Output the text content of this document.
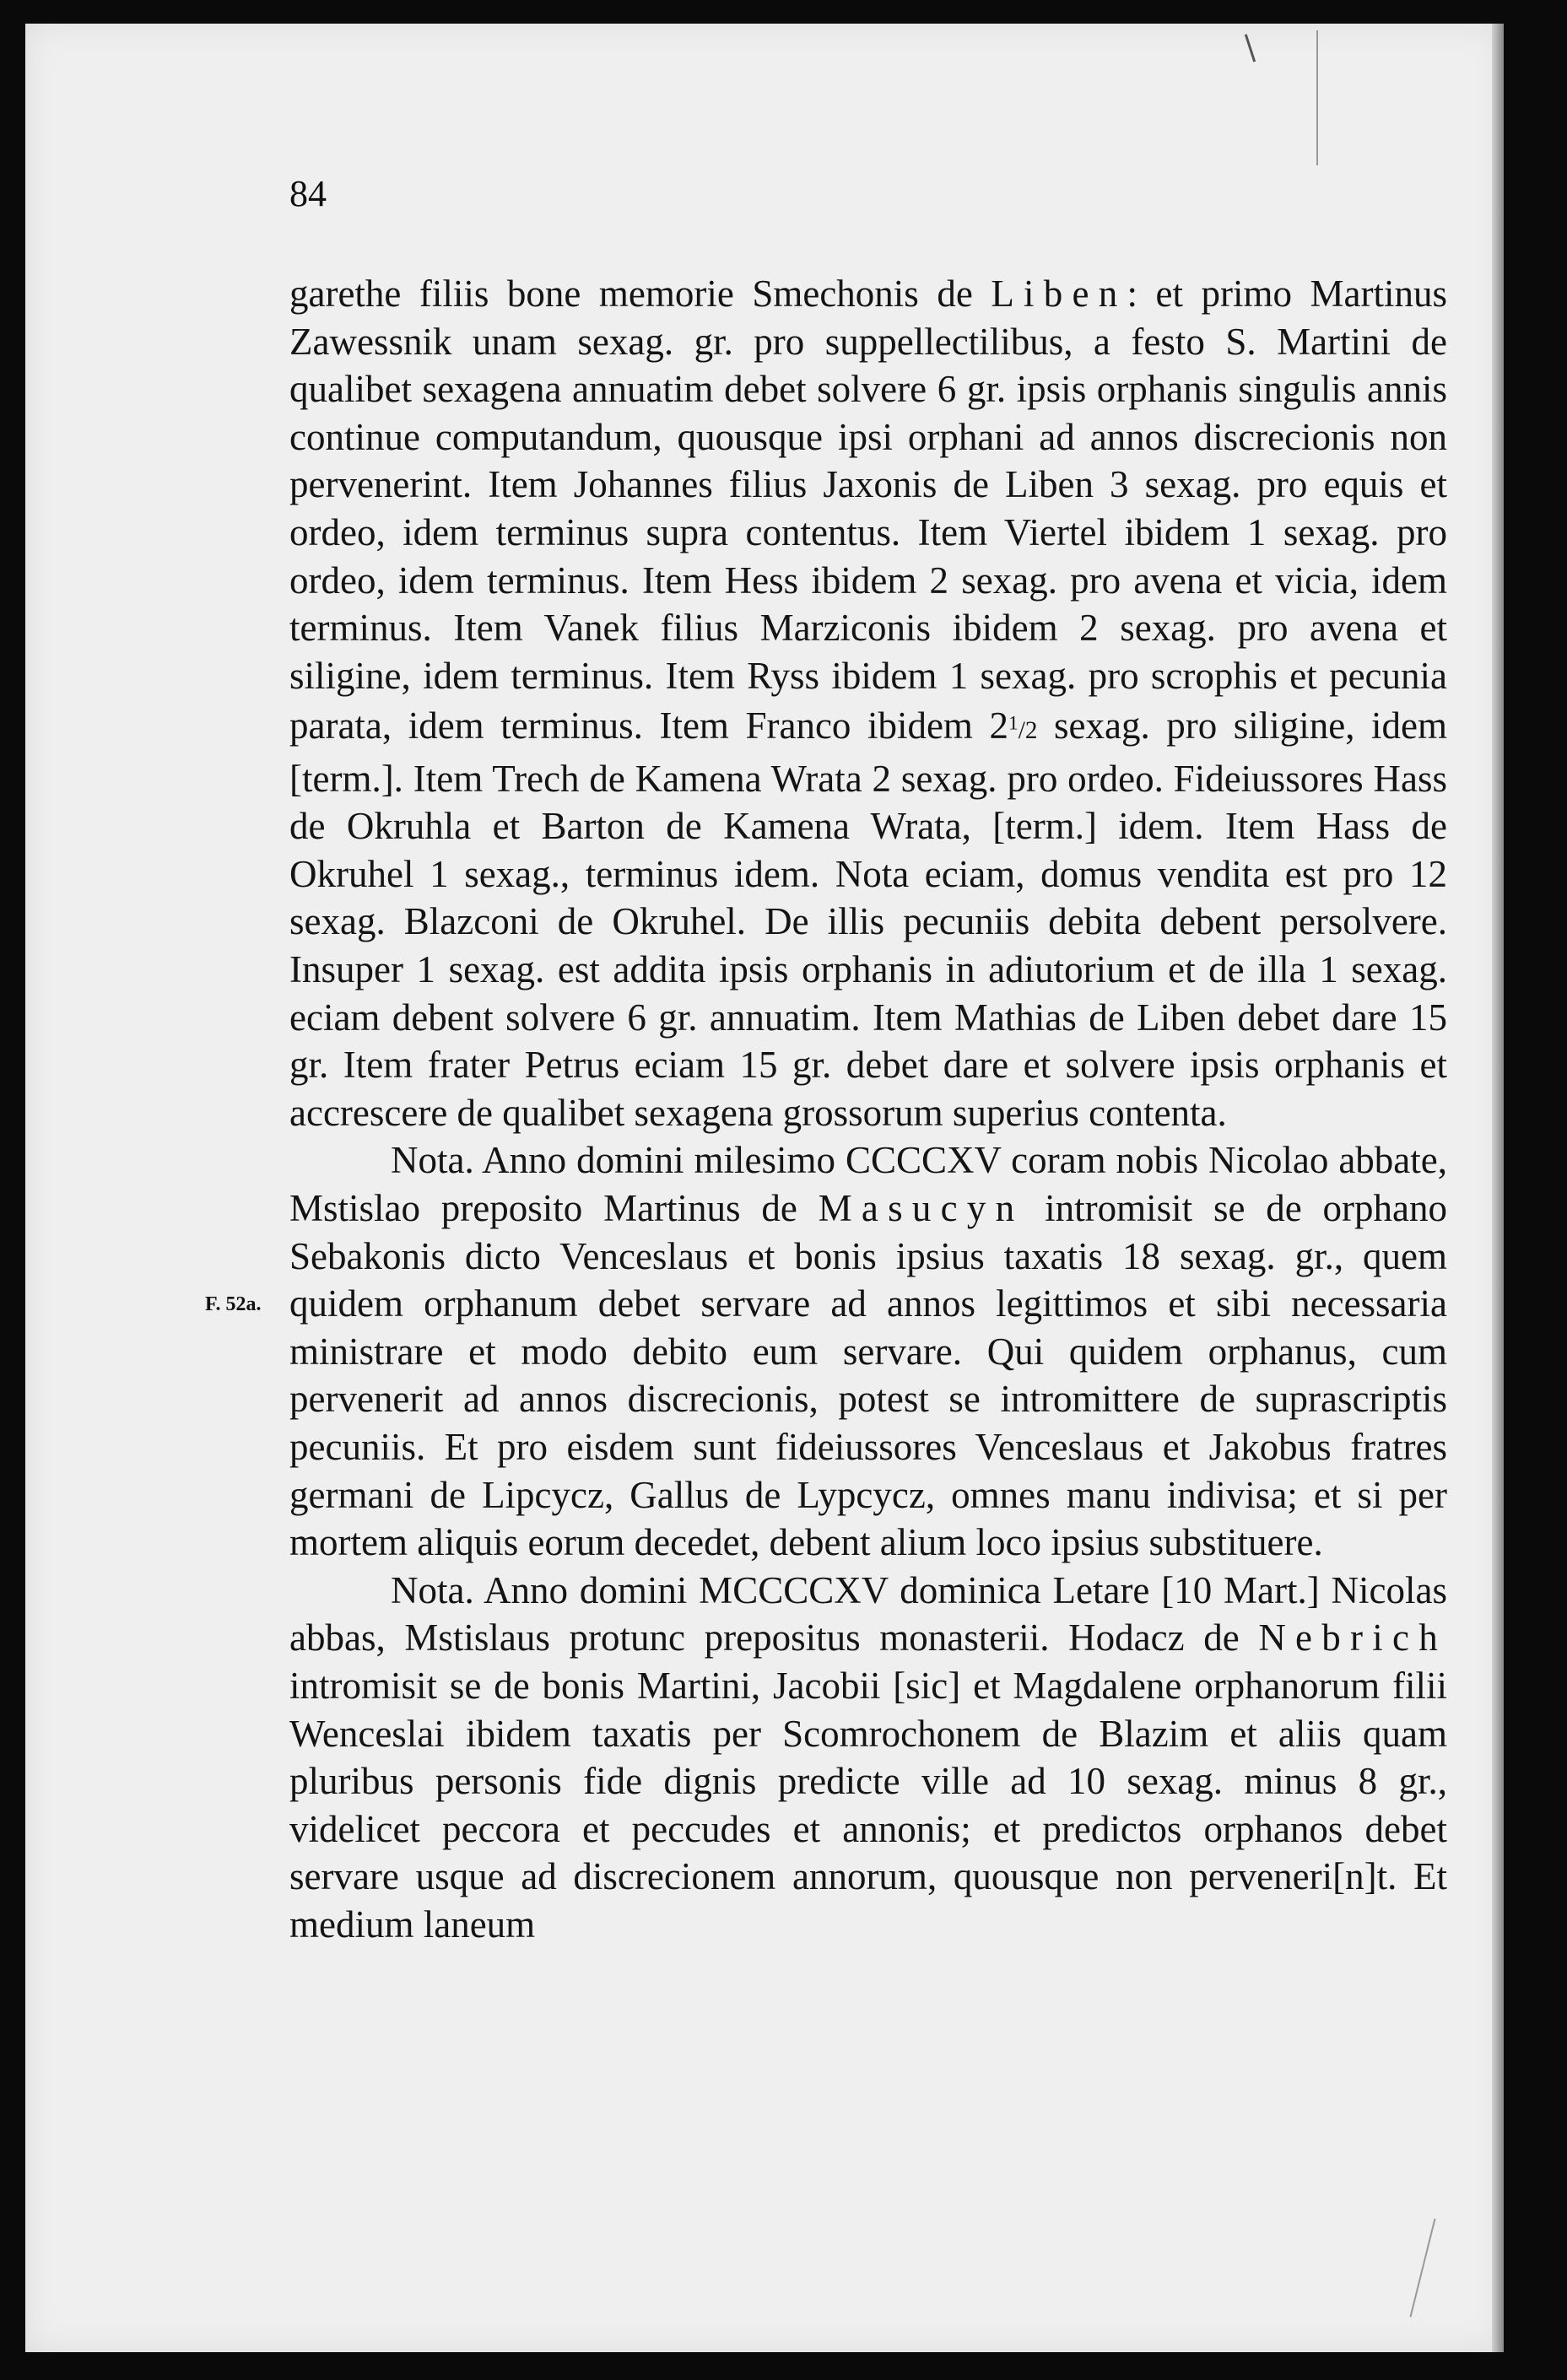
84
F. 52a.

garethe filiis bone memorie Smechonis de Liben: et primo Martinus Zawessnik unam sexag. gr. pro suppellectilibus, a festo S. Martini de qualibet sexagena annuatim debet solvere 6 gr. ipsis orphanis singulis annis continue computandum, quousque ipsi orphani ad annos discrecionis non pervenerint. Item Johannes filius Jaxonis de Liben 3 sexag. pro equis et ordeo, idem terminus supra contentus. Item Viertel ibidem 1 sexag. pro ordeo, idem terminus. Item Hess ibidem 2 sexag. pro avena et vicia, idem terminus. Item Vanek filius Marziconis ibidem 2 sexag. pro avena et siligine, idem terminus. Item Ryss ibidem 1 sexag. pro scrophis et pecunia parata, idem terminus. Item Franco ibidem $2^1/2$ sexag. pro siligine, idem [term.]. Item Trech de Kamena Wrata 2 sexag. pro ordeo. Fideiussores Hass de Okruhla et Barton de Kamena Wrata, [term.] idem. Item Hass de Okruhel 1 sexag., terminus idem. Nota eciam, domus vendita est pro 12 sexag. Blazconi de Okruhel. De illis pecuniis debita debent persolvere. Insuper 1 sexag. est addita ipsis orphanis in adiutorium et de illa 1 sexag. eciam debent solvere 6 gr. annuatim. Item Mathias de Liben debet dare 15 gr. Item frater Petrus eciam 15 gr. debet dare et solvere ipsis orphanis et accrescere de qualibet sexagena grossorum superius contenta.

Nota. Anno domini milesimo CCCCXV coram nobis Nicolao abbate, Mstislao preposito Martinus de Masucyn intromisit se de orphano Sebakonis dicto Venceslaus et bonis ipsius taxatis 18 sexag. gr., quem quidem orphanum debet servare ad annos legittimos et sibi necessaria ministrare et modo debito eum servare. Qui quidem orphanus, cum pervenerit ad annos discrecionis, potest se intromittere de suprascriptis pecuniis. Et pro eisdem sunt fideiussores Venceslaus et Jakobus fratres germani de Lipcycz, Gallus de Lypcycz, omnes manu indivisa; et si per mortem aliquis eorum decedet, debent alium loco ipsius substituere.

Nota. Anno domini MCCCCXV dominica Letare [10 Mart.] Nicolas abbas, Mstislaus protunc prepositus monasterii. Hodacz de Nebrich intromisit se de bonis Martini, Jacobii [sic] et Magdalene orphanorum filii Wenceslai ibidem taxatis per Scomrochonem de Blazim et aliis quam pluribus personis fide dignis predicte ville ad 10 sexag. minus 8 gr., videlicet peccora et peccudes et annonis; et predictos orphanos debet servare usque ad discrecionem annorum, quousque non perveneri[n]t. Et medium laneum
